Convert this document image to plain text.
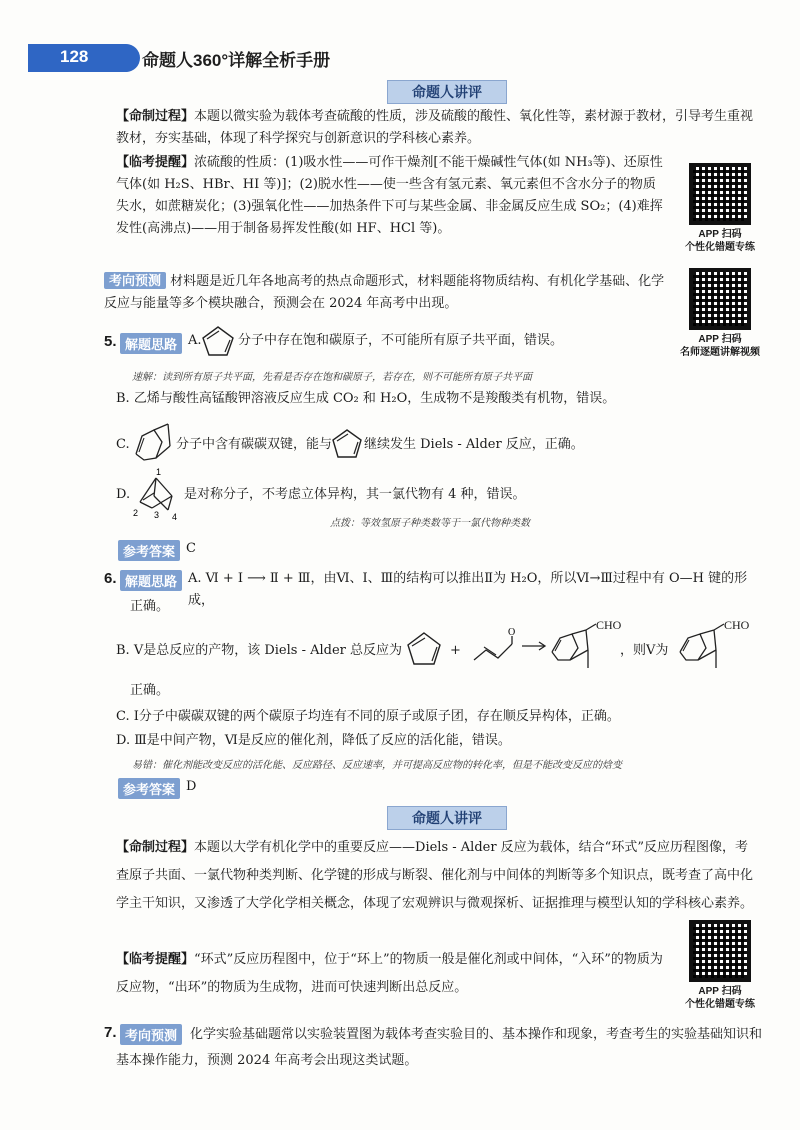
128	命题人360°详解全析手册
命题人讲评
【命制过程】本题以微实验为载体考查硫酸的性质，涉及硫酸的酸性、氧化性等，素材源于教材，引导考生重视教材，夯实基础，体现了科学探究与创新意识的学科核心素养。
【临考提醒】浓硫酸的性质：(1)吸水性——可作干燥剂[不能干燥碱性气体(如 NH₃等)、还原性气体(如 H₂S、HBr、HI 等)]；(2)脱水性——使一些含有氢元素、氧元素但不含水分子的物质失水，如蔗糖炭化；(3)强氧化性——加热条件下可与某些金属、非金属反应生成 SO₂；(4)难挥发性(高沸点)——用于制备易挥发性酸(如 HF、HCl 等)。	APP 扫码
个性化错题专练
考向预测 材料题是近几年各地高考的热点命题形式，材料题能将物质结构、有机化学基础、化学反应与能量等多个模块融合，预测会在 2024 年高考中出现。
APP 扫码
名师逐题讲解视频
5. 解题思路 A.	分子中存在饱和碳原子，不可能所有原子共平面，错误。
速解：读到所有原子共平面，先看是否存在饱和碳原子，若存在，则不可能所有原子共平面
B. 乙烯与酸性高锰酸钾溶液反应生成 CO₂ 和 H₂O，生成物不是羧酸类有机物，错误。
C.	分子中含有碳碳双键，能与	继续发生 Diels - Alder 反应，正确。
D.
1
2 3 4
是对称分子，不考虑立体异构，其一氯代物有 4 种，错误。
点拨：等效氢原子种类数等于一氯代物种类数
参考答案 C
6. 解题思路 A. Ⅵ + Ⅰ ⟶ Ⅱ + Ⅲ，由Ⅵ、Ⅰ、Ⅲ的结构可以推出Ⅱ为 H₂O，所以Ⅵ→Ⅲ过程中有 O—H 键的形成，
正确。
B. Ⅴ是总反应的产物，该 Diels - Alder 总反应为	+
O
CHO
，则Ⅴ为
CHO
正确。
C. Ⅰ分子中碳碳双键的两个碳原子均连有不同的原子或原子团，存在顺反异构体，正确。
D. Ⅲ是中间产物，Ⅵ是反应的催化剂，降低了反应的活化能，错误。
易错：催化剂能改变反应的活化能、反应路径、反应速率，并可提高反应物的转化率，但是不能改变反应的焓变
参考答案 D
命题人讲评
【命制过程】本题以大学有机化学中的重要反应——Diels - Alder 反应为载体，结合“环式”反应历程图像，考查原子共面、一氯代物种类判断、化学键的形成与断裂、催化剂与中间体的判断等多个知识点，既考查了高中化学主干知识，又渗透了大学化学相关概念，体现了宏观辨识与微观探析、证据推理与模型认知的学科核心素养。
【临考提醒】“环式”反应历程图中，位于“环上”的物质一般是催化剂或中间体，“入环”的物质为反应物，“出环”的物质为生成物，进而可快速判断出总反应。	APP 扫码
个性化错题专练
7. 考向预测 化学实验基础题常以实验装置图为载体考查实验目的、基本操作和现象，考查考生的实验基础知识和基本操作能力，预测 2024 年高考会出现这类试题。
